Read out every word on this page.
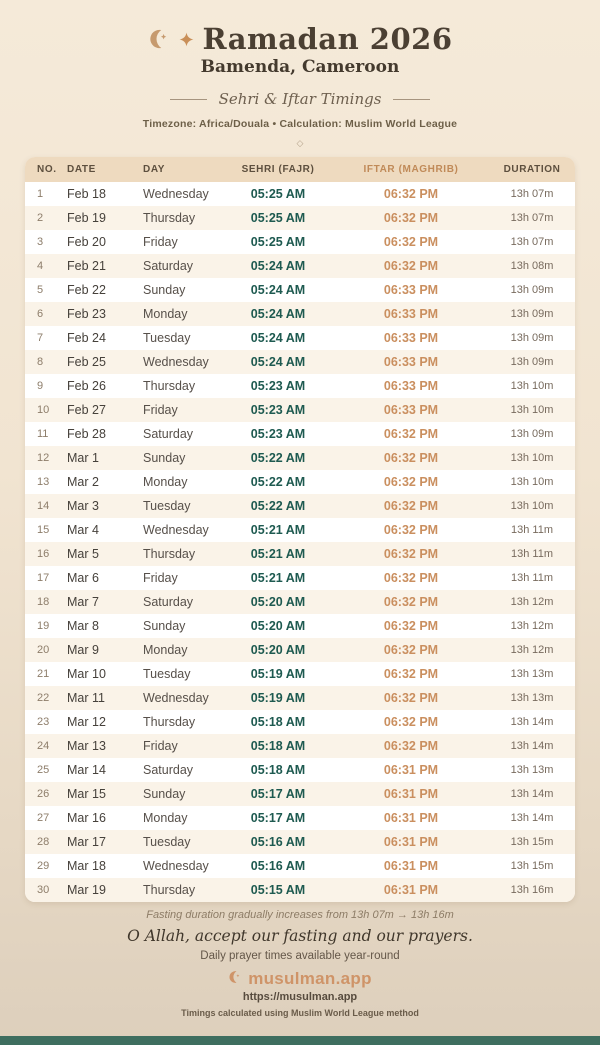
Ramadan 2026
Bamenda, Cameroon
Sehri & Iftar Timings
Timezone: Africa/Douala • Calculation: Muslim World League
◇
NO.	DATE	DAY	SEHRI (FAJR)	IFTAR (MAGHRIB)	DURATION
1	Feb 18	Wednesday	05:25 AM	06:32 PM	13h 07m
2	Feb 19	Thursday	05:25 AM	06:32 PM	13h 07m
3	Feb 20	Friday	05:25 AM	06:32 PM	13h 07m
4	Feb 21	Saturday	05:24 AM	06:32 PM	13h 08m
5	Feb 22	Sunday	05:24 AM	06:33 PM	13h 09m
6	Feb 23	Monday	05:24 AM	06:33 PM	13h 09m
7	Feb 24	Tuesday	05:24 AM	06:33 PM	13h 09m
8	Feb 25	Wednesday	05:24 AM	06:33 PM	13h 09m
9	Feb 26	Thursday	05:23 AM	06:33 PM	13h 10m
10	Feb 27	Friday	05:23 AM	06:33 PM	13h 10m
11	Feb 28	Saturday	05:23 AM	06:32 PM	13h 09m
12	Mar 1	Sunday	05:22 AM	06:32 PM	13h 10m
13	Mar 2	Monday	05:22 AM	06:32 PM	13h 10m
14	Mar 3	Tuesday	05:22 AM	06:32 PM	13h 10m
15	Mar 4	Wednesday	05:21 AM	06:32 PM	13h 11m
16	Mar 5	Thursday	05:21 AM	06:32 PM	13h 11m
17	Mar 6	Friday	05:21 AM	06:32 PM	13h 11m
18	Mar 7	Saturday	05:20 AM	06:32 PM	13h 12m
19	Mar 8	Sunday	05:20 AM	06:32 PM	13h 12m
20	Mar 9	Monday	05:20 AM	06:32 PM	13h 12m
21	Mar 10	Tuesday	05:19 AM	06:32 PM	13h 13m
22	Mar 11	Wednesday	05:19 AM	06:32 PM	13h 13m
23	Mar 12	Thursday	05:18 AM	06:32 PM	13h 14m
24	Mar 13	Friday	05:18 AM	06:32 PM	13h 14m
25	Mar 14	Saturday	05:18 AM	06:31 PM	13h 13m
26	Mar 15	Sunday	05:17 AM	06:31 PM	13h 14m
27	Mar 16	Monday	05:17 AM	06:31 PM	13h 14m
28	Mar 17	Tuesday	05:16 AM	06:31 PM	13h 15m
29	Mar 18	Wednesday	05:16 AM	06:31 PM	13h 15m
30	Mar 19	Thursday	05:15 AM	06:31 PM	13h 16m
Fasting duration gradually increases from 13h 07m → 13h 16m
O Allah, accept our fasting and our prayers.
Daily prayer times available year-round
musulman.app
https://musulman.app
Timings calculated using Muslim World League method
